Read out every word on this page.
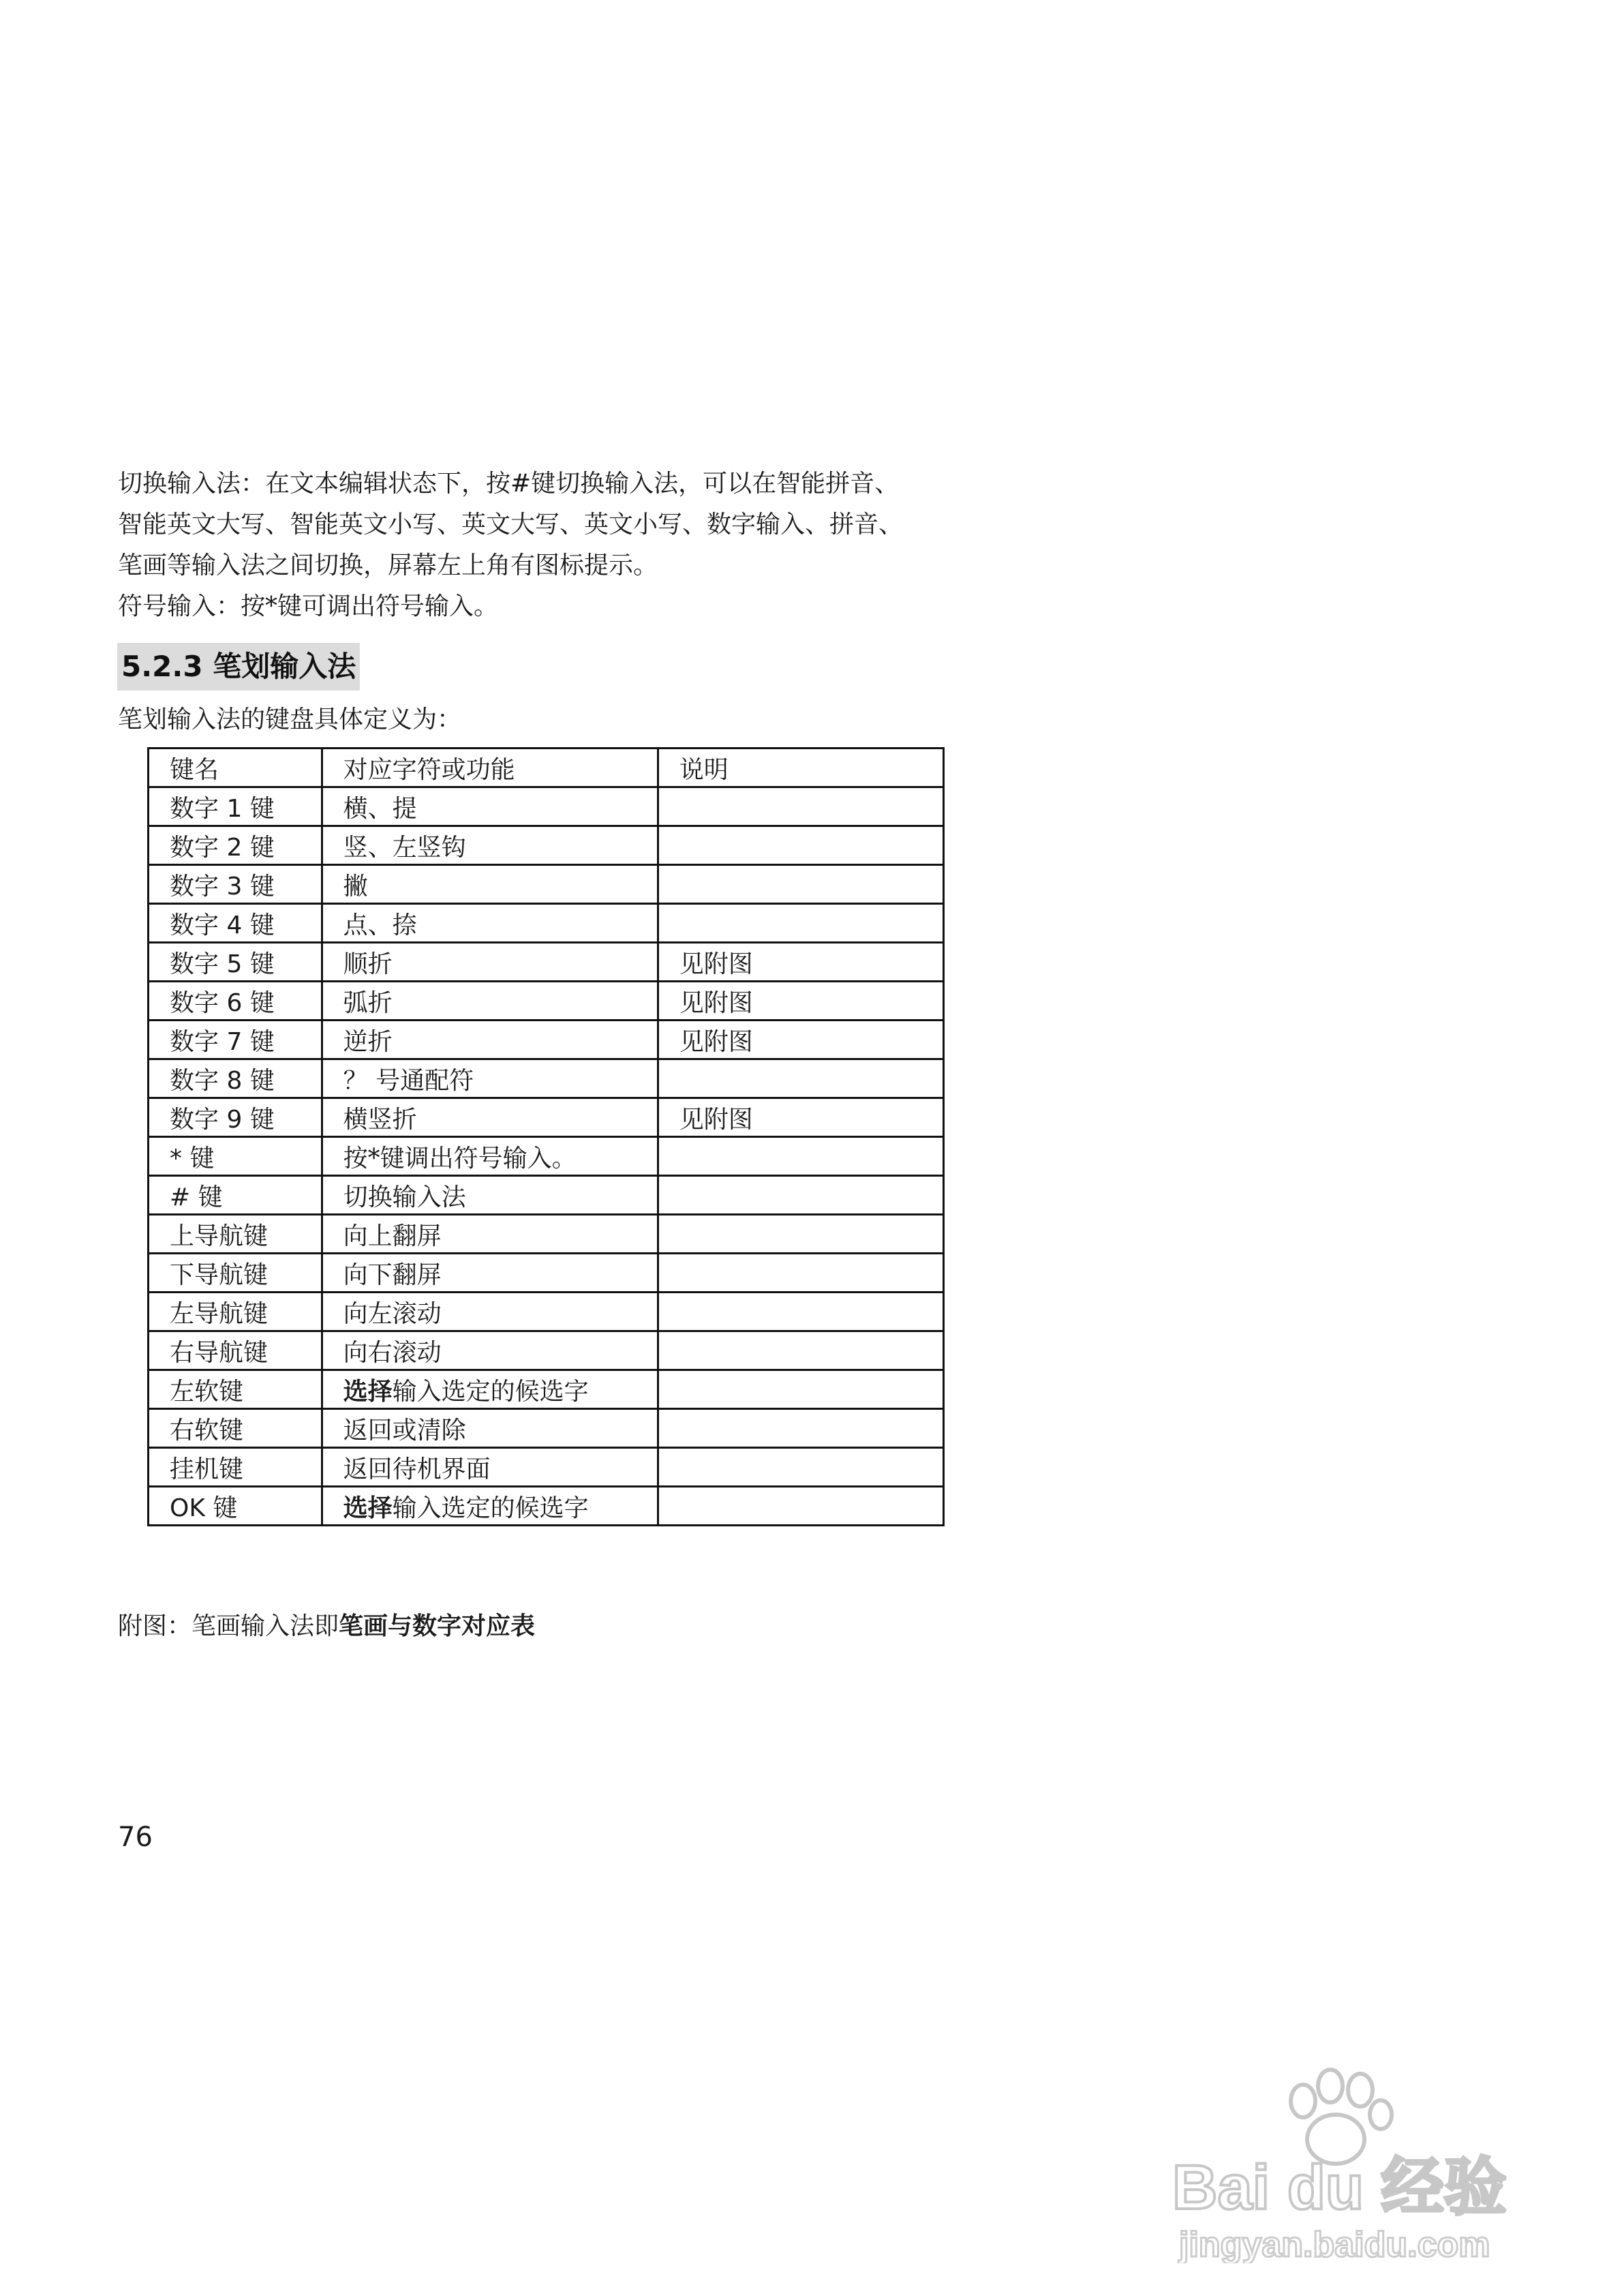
切换输入法：在文本编辑状态下，按#键切换输入法，可以在智能拼音、

智能英文大写、智能英文小写、英文大写、英文小写、数字输入、拼音、

笔画等输入法之间切换，屏幕左上角有图标提示。

符号输入：按*键可调出符号输入。

5.2.3 笔划输入法
笔划输入法的键盘具体定义为：
键名	对应字符或功能	说明
数字 1 键	横、提	
数字 2 键	竖、左竖钩	
数字 3 键	撇	
数字 4 键	点、捺	
数字 5 键	顺折	见附图
数字 6 键	弧折	见附图
数字 7 键	逆折	见附图
数字 8 键	？ 号通配符	
数字 9 键	横竖折	见附图
* 键	按*键调出符号输入。	
# 键	切换输入法	
上导航键	向上翻屏	
下导航键	向下翻屏	
左导航键	向左滚动	
右导航键	向右滚动	
左软键	选择输入选定的候选字	
右软键	返回或清除	
挂机键	返回待机界面	
OK 键	选择输入选定的候选字	
附图：笔画输入法即笔画与数字对应表
76
Bai du 经验
jingyan.baidu.com
